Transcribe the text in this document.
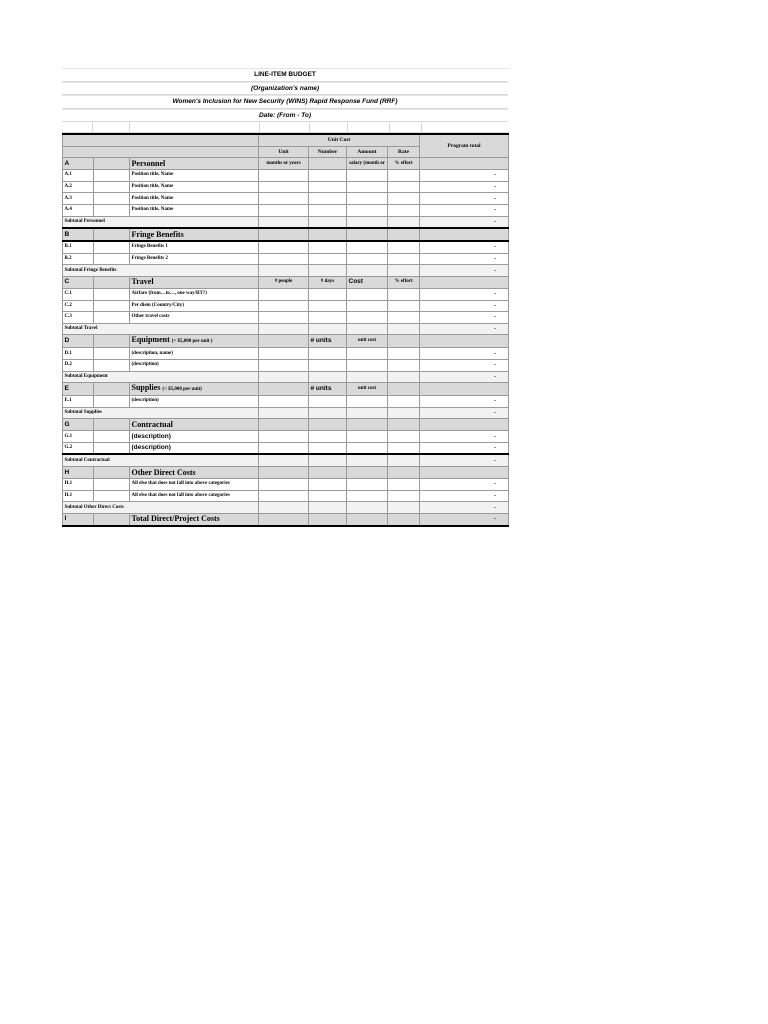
LINE-ITEM BUDGET
(Organization's name)
Women's Inclusion for New Security (WINS) Rapid Response Fund (RRF)
Date: (From - To)
			Unit Cost				Program total
			Unit	Number	Amount	Rate	
A		Personnel	months or years		salary (month or	% effort	
A.1		Position title, Name					-
A.2		Position title, Name					-
A.3		Position title, Name					-
A.4		Position title, Name					-
Subtotal Personnel							-
B		Fringe Benefits					
B.1		Fringe Benefits 1					-
B.2		Fringe Benefits 2					-
Subtotal Fringe Benefits							-
C		Travel	# people	# days	Cost	% effort	
C.1		Airfare (from…to…, one way/RT?)					-
C.2		Per diem (Country/City)					-
C.3		Other travel costs					-
Subtotal Travel							-
D		Equipment (> $5,000 per unit )		# units	unit cost		
D.1		(description, name)					-
D.2		(description)					-
Subtotal Equipment							-
E		Supplies (< $5,000 per unit)		# units	unit cost		
E.1		(description)					-
Subtotal Supplies							-
G		Contractual					
G.1		(description)					-
G.2		(description)					-
Subtotal Contractual							-
H		Other Direct Costs					
H.1		All else that does not fall into above categories					-
H.1		All else that does not fall into above categories					-
Subtotal Other Direct Costs							-
I		Total Direct/Project Costs					-
